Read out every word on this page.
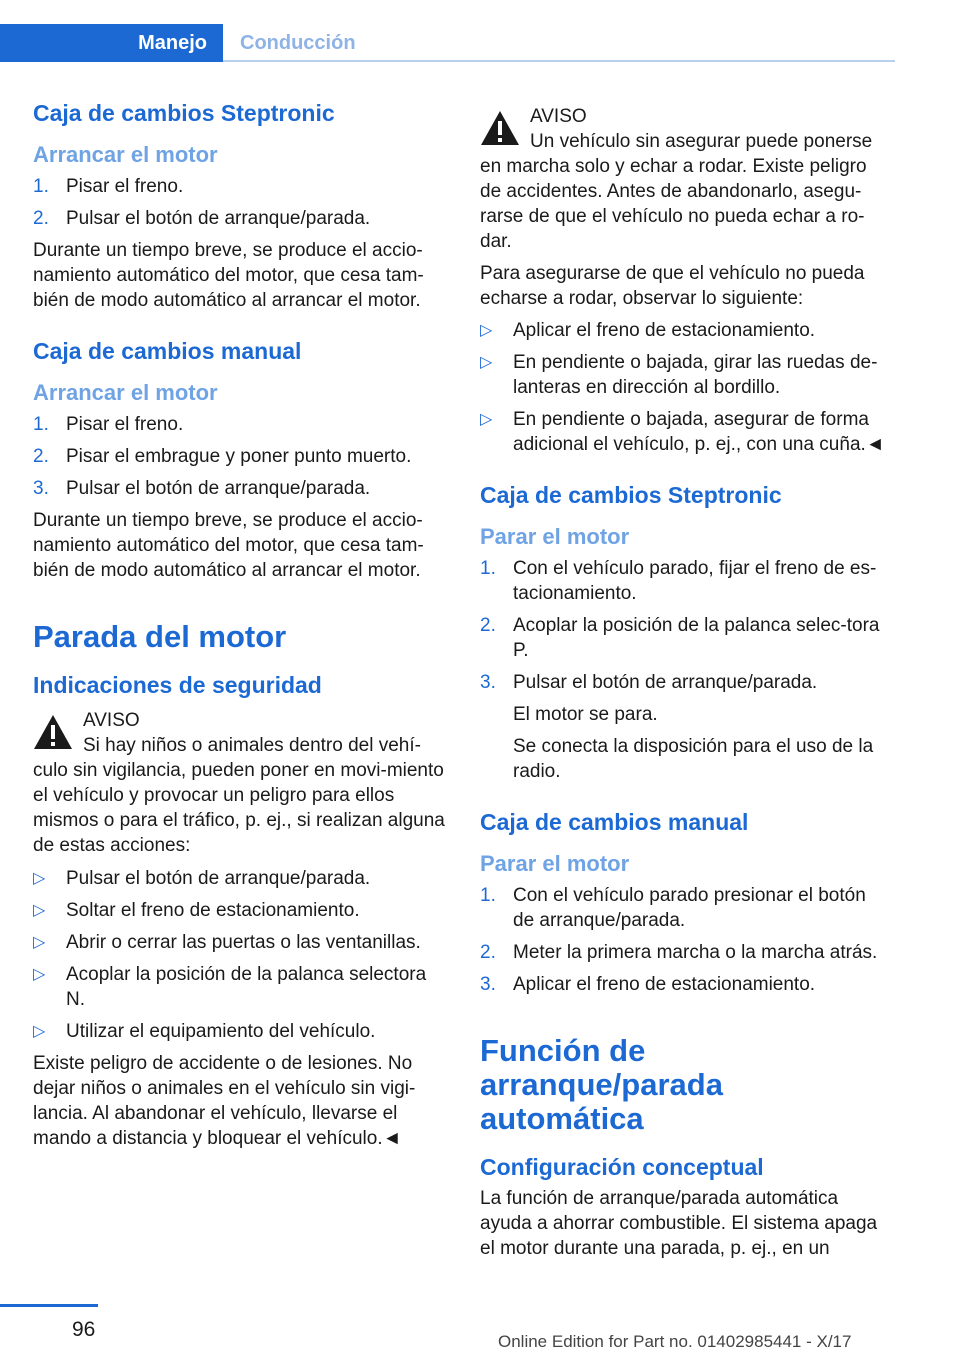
Manejo	Conducción
Caja de cambios Steptronic
Arrancar el motor
1. Pisar el freno.
2. Pulsar el botón de arranque/parada.

Durante un tiempo breve, se produce el accio-namiento automático del motor, que cesa tam-bién de modo automático al arrancar el motor.

Caja de cambios manual
Arrancar el motor
1. Pisar el freno.
2. Pisar el embrague y poner punto muerto.
3. Pulsar el botón de arranque/parada.

Durante un tiempo breve, se produce el accio-namiento automático del motor, que cesa tam-bién de modo automático al arrancar el motor.

Parada del motor
Indicaciones de seguridad

AVISO

Si hay niños o animales dentro del vehí-

culo sin vigilancia, pueden poner en movi-miento el vehículo y provocar un peligro para ellos mismos o para el tráfico, p. ej., si realizan alguna de estas acciones:

▷ Pulsar el botón de arranque/parada.
▷ Soltar el freno de estacionamiento.
▷ Abrir o cerrar las puertas o las ventanillas.
▷ Acoplar la posición de la palanca selectora N.
▷ Utilizar el equipamiento del vehículo.

Existe peligro de accidente o de lesiones. No dejar niños o animales en el vehículo sin vigi-lancia. Al abandonar el vehículo, llevarse el mando a distancia y bloquear el vehículo.◄

AVISO

Un vehículo sin asegurar puede ponerse

en marcha solo y echar a rodar. Existe peligro de accidentes. Antes de abandonarlo, asegu-rarse de que el vehículo no pueda echar a ro-dar.

Para asegurarse de que el vehículo no pueda echarse a rodar, observar lo siguiente:

▷ Aplicar el freno de estacionamiento.
▷ En pendiente o bajada, girar las ruedas de-lanteras en dirección al bordillo.
▷ En pendiente o bajada, asegurar de forma adicional el vehículo, p. ej., con una cuña.◄
Caja de cambios Steptronic
Parar el motor
1. Con el vehículo parado, fijar el freno de es-tacionamiento.
2. Acoplar la posición de la palanca selec-tora P.
3. Pulsar el botón de arranque/parada.
El motor se para.
Se conecta la disposición para el uso de la radio.
Caja de cambios manual
Parar el motor
1. Con el vehículo parado presionar el botón de arranque/parada.
2. Meter la primera marcha o la marcha atrás.
3. Aplicar el freno de estacionamiento.
Función de arranque/parada automática
Configuración conceptual

La función de arranque/parada automática ayuda a ahorrar combustible. El sistema apaga el motor durante una parada, p. ej., en un

96
Online Edition for Part no. 01402985441 - X/17
